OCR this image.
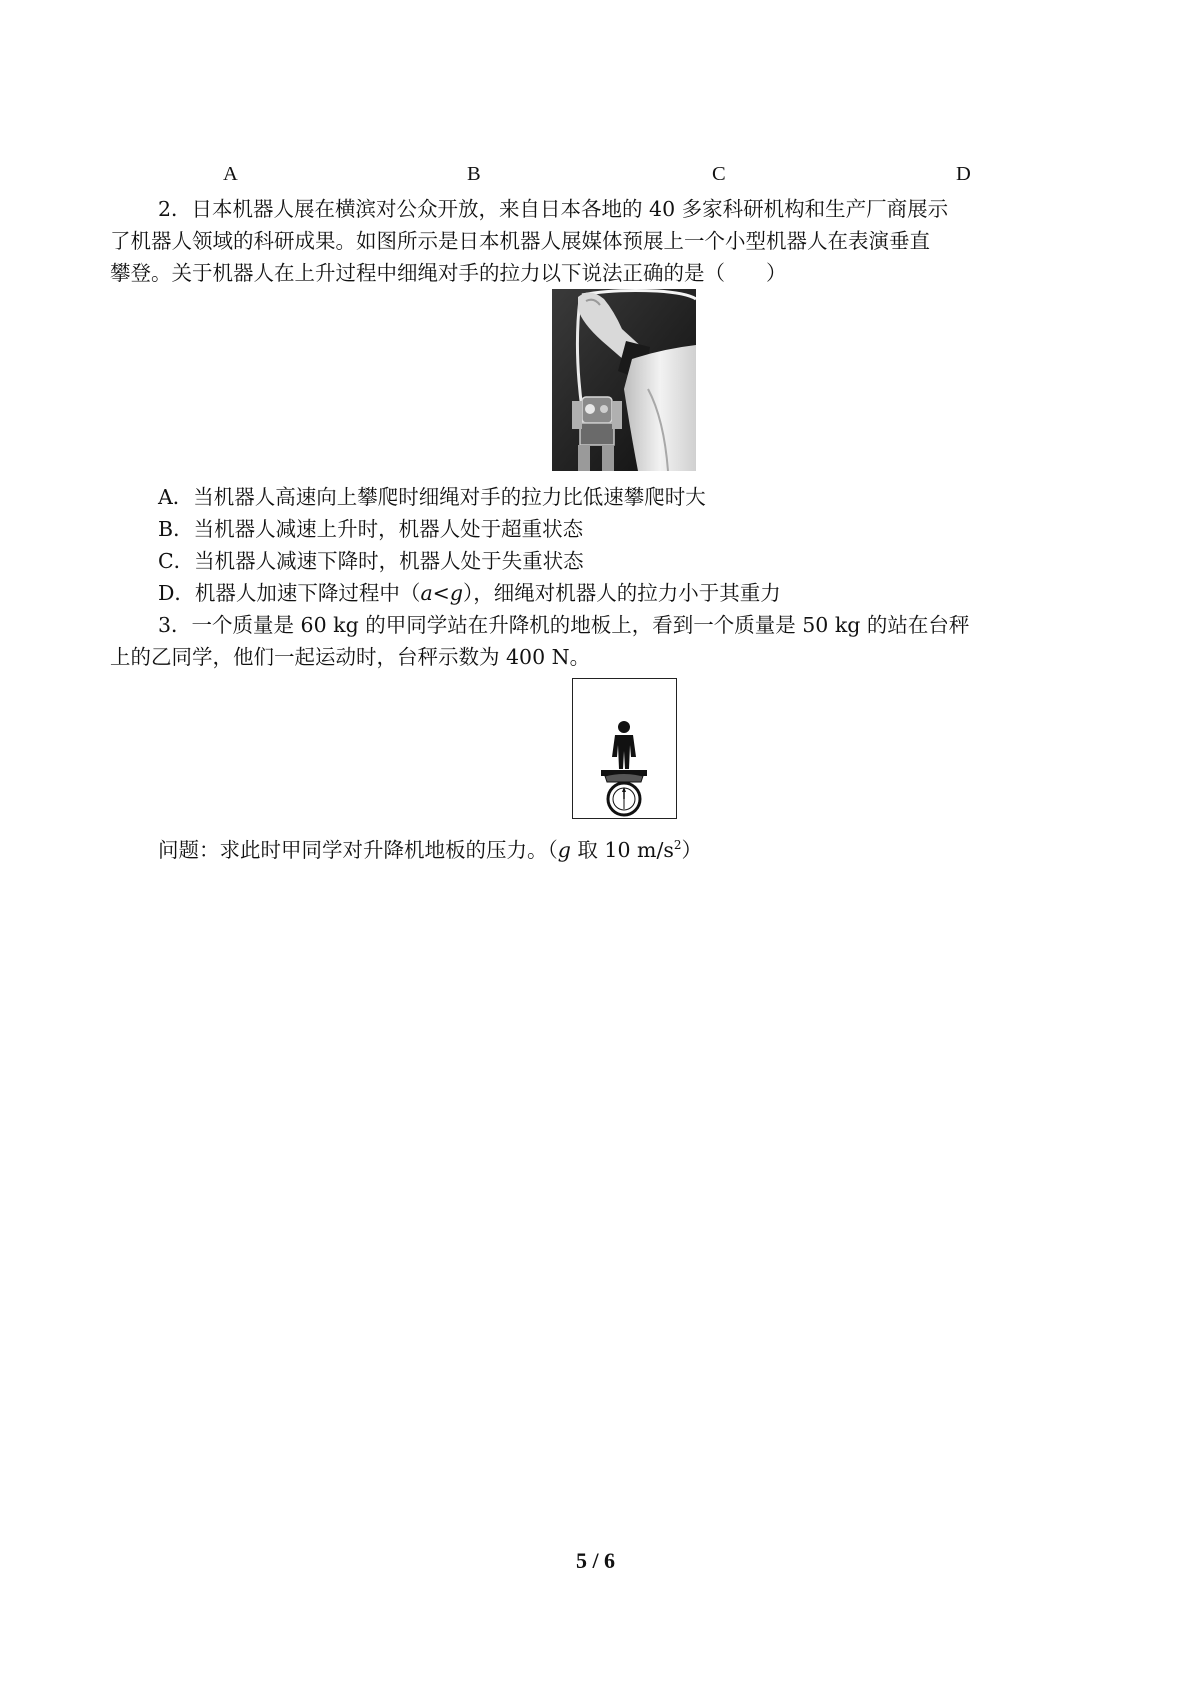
A	B	C	D

2．日本机器人展在横滨对公众开放，来自日本各地的 40 多家科研机构和生产厂商展示

了机器人领域的科研成果。如图所示是日本机器人展媒体预展上一个小型机器人在表演垂直

攀登。关于机器人在上升过程中细绳对手的拉力以下说法正确的是（　　）

A．当机器人高速向上攀爬时细绳对手的拉力比低速攀爬时大

B．当机器人减速上升时，机器人处于超重状态

C．当机器人减速下降时，机器人处于失重状态

D．机器人加速下降过程中（a<g），细绳对机器人的拉力小于其重力

3．一个质量是 60 kg 的甲同学站在升降机的地板上，看到一个质量是 50 kg 的站在台秤

上的乙同学，他们一起运动时，台秤示数为 400 N。

问题：求此时甲同学对升降机地板的压力。（g 取 10 $m/s^2$）

5 / 6
